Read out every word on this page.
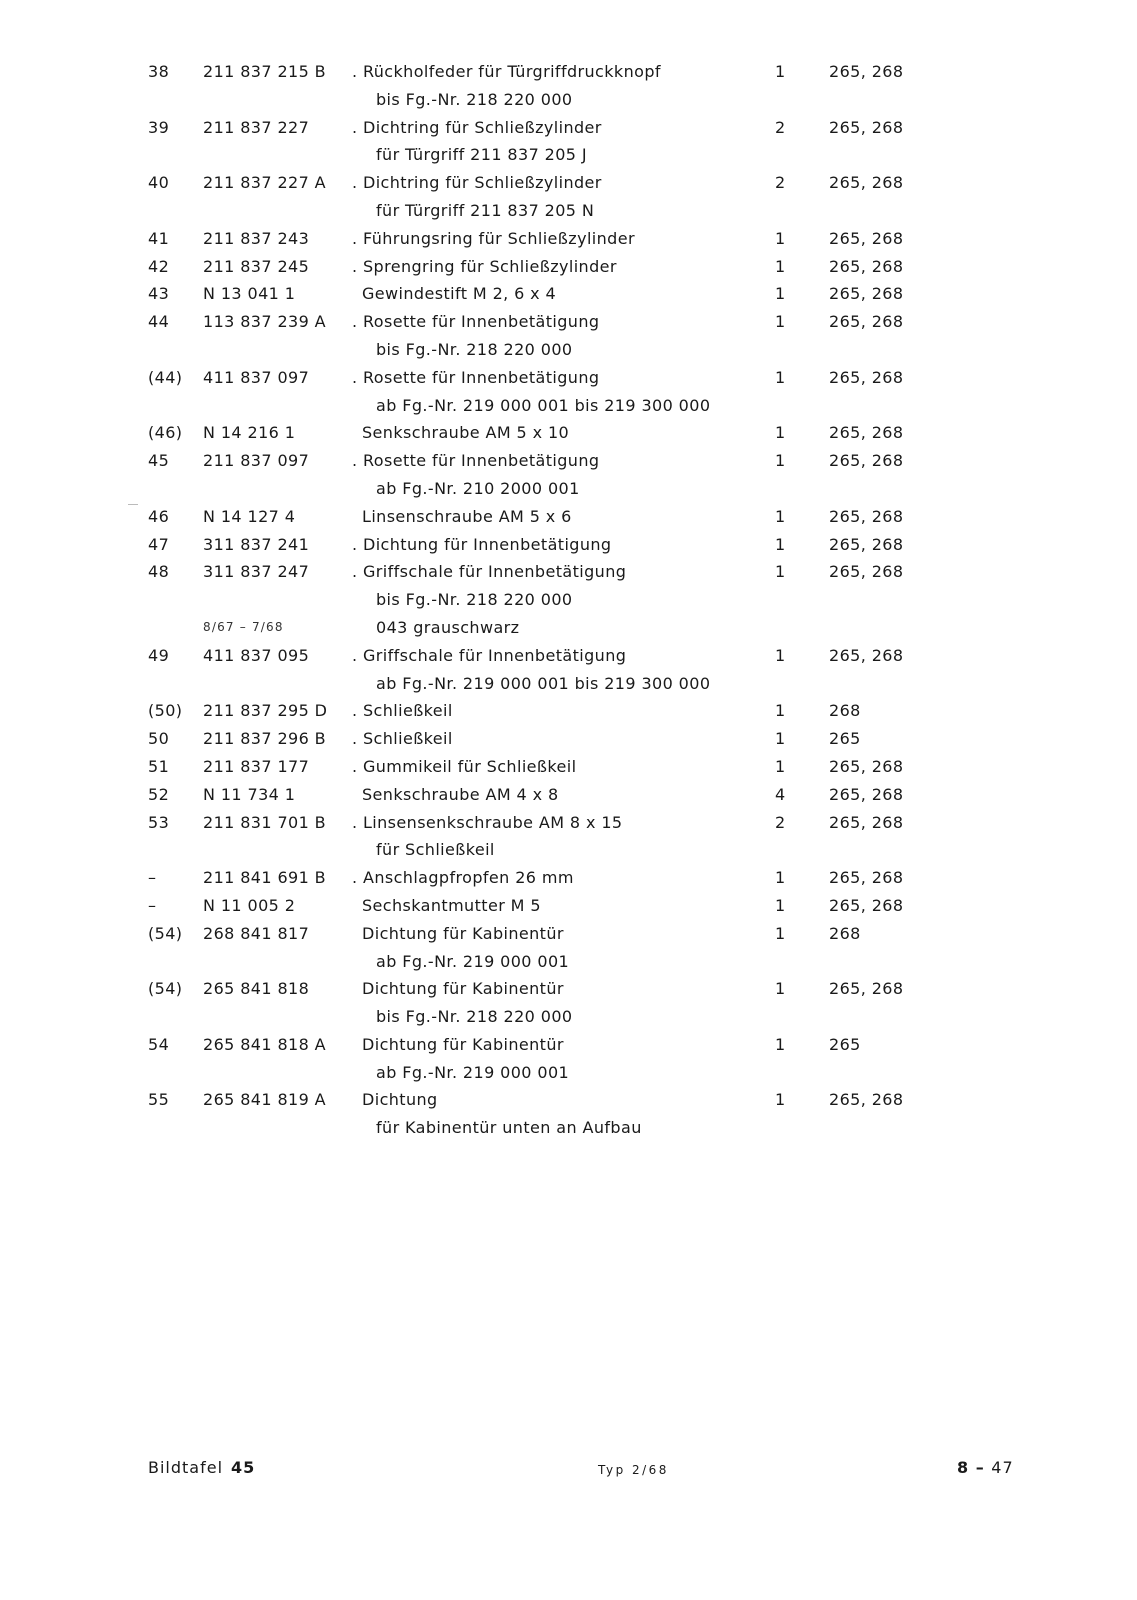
38 211 837 215 B . Rückholfeder für Türgriffdruckknopf	1	265, 268
bis Fg.-Nr. 218 220 000
39 211 837 227	. Dichtring für Schließzylinder	2	265, 268
für Türgriff 211 837 205 J
40 211 837 227 A . Dichtring für Schließzylinder	2	265, 268
für Türgriff 211 837 205 N
41 211 837 243	. Führungsring für Schließzylinder	1	265, 268
42 211 837 245	. Sprengring für Schließzylinder	1	265, 268
43 N 13 041 1	Gewindestift M 2, 6 x 4	1	265, 268
44 113 837 239 A . Rosette für Innenbetätigung	1	265, 268
bis Fg.-Nr. 218 220 000
(44) 411 837 097	. Rosette für Innenbetätigung	1	265, 268
ab Fg.-Nr. 219 000 001 bis 219 300 000
(46) N 14 216 1	Senkschraube AM 5 x 10	1	265, 268
45 211 837 097	. Rosette für Innenbetätigung	1	265, 268
ab Fg.-Nr. 210 2000 001
46 N 14 127 4	Linsenschraube AM 5 x 6	1	265, 268
47 311 837 241	. Dichtung für Innenbetätigung	1	265, 268
48 311 837 247	. Griffschale für Innenbetätigung	1	265, 268
bis Fg.-Nr. 218 220 000
8/67 – 7/68	043 grauschwarz
49 411 837 095	. Griffschale für Innenbetätigung	1	265, 268
ab Fg.-Nr. 219 000 001 bis 219 300 000
(50) 211 837 295 D . Schließkeil	1	268
50 211 837 296 B . Schließkeil	1	265
51 211 837 177	. Gummikeil für Schließkeil	1	265, 268
52 N 11 734 1	Senkschraube AM 4 x 8	4	265, 268
53 211 831 701 B . Linsensenkschraube AM 8 x 15	2	265, 268
für Schließkeil
–	211 841 691 B . Anschlagpfropfen 26 mm	1	265, 268
–	N 11 005 2	Sechskantmutter M 5	1	265, 268
(54) 268 841 817	Dichtung für Kabinentür	1	268
ab Fg.-Nr. 219 000 001
(54) 265 841 818	Dichtung für Kabinentür	1	265, 268
bis Fg.-Nr. 218 220 000
54 265 841 818 A Dichtung für Kabinentür	1	265
ab Fg.-Nr. 219 000 001
55 265 841 819 A Dichtung	1	265, 268
für Kabinentür unten an Aufbau
Bildtafel 45	Typ 2/68	8 – 47
